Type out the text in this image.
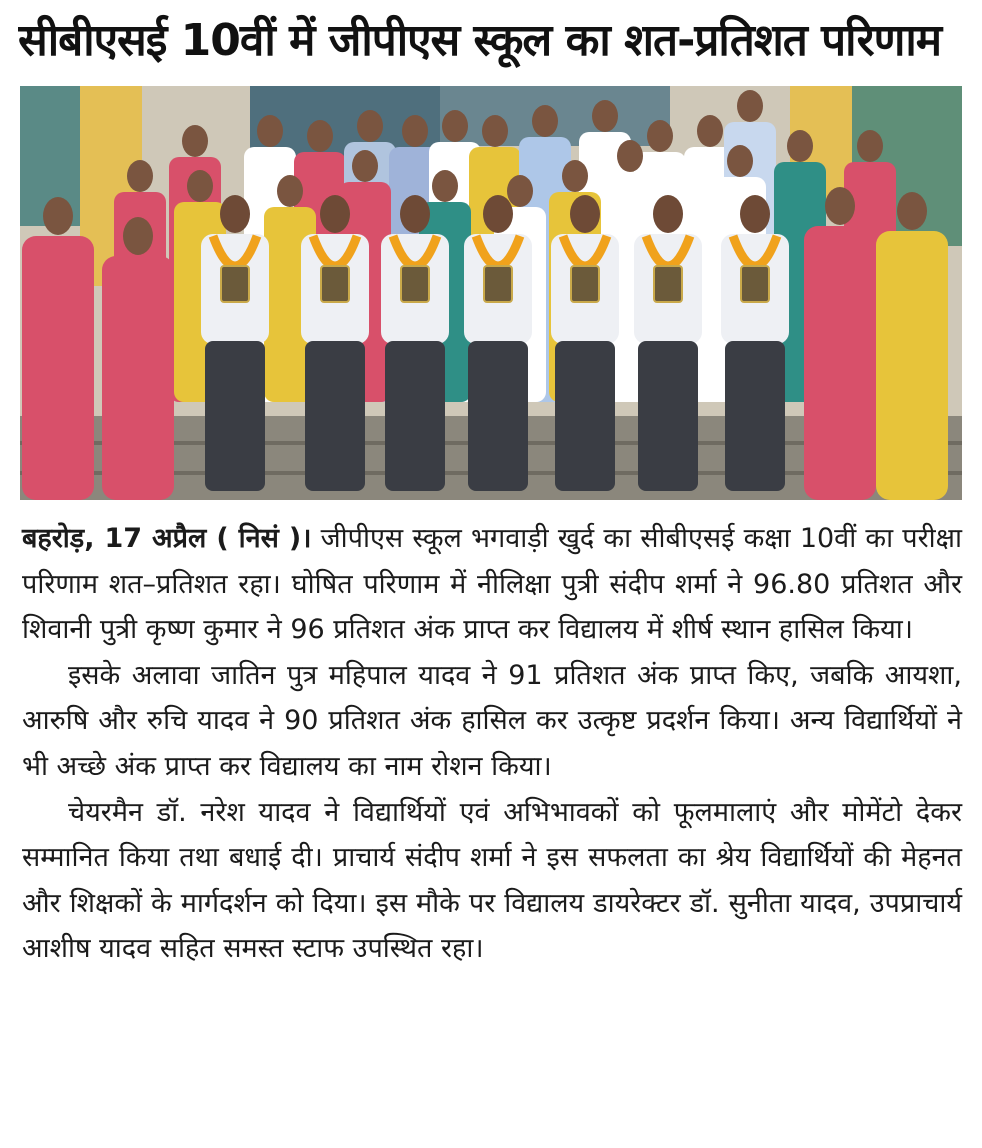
सीबीएसई 10वीं में जीपीएस स्कूल का शत-प्रतिशत परिणाम

बहरोड़, 17 अप्रैल ( निसं )। जीपीएस स्कूल भगवाड़ी खुर्द का सीबीएसई कक्षा 10वीं का परीक्षा परिणाम शत–प्रतिशत रहा। घोषित परिणाम में नीलिक्षा पुत्री संदीप शर्मा ने 96.80 प्रतिशत और शिवानी पुत्री कृष्ण कुमार ने 96 प्रतिशत अंक प्राप्त कर विद्यालय में शीर्ष स्थान हासिल किया।

इसके अलावा जातिन पुत्र महिपाल यादव ने 91 प्रतिशत अंक प्राप्त किए, जबकि आयशा, आरुषि और रुचि यादव ने 90 प्रतिशत अंक हासिल कर उत्कृष्ट प्रदर्शन किया। अन्य विद्यार्थियों ने भी अच्छे अंक प्राप्त कर विद्यालय का नाम रोशन किया।

चेयरमैन डॉ. नरेश यादव ने विद्यार्थियों एवं अभिभावकों को फूलमालाएं और मोमेंटो देकर सम्मानित किया तथा बधाई दी। प्राचार्य संदीप शर्मा ने इस सफलता का श्रेय विद्यार्थियों की मेहनत और शिक्षकों के मार्गदर्शन को दिया। इस मौके पर विद्यालय डायरेक्टर डॉ. सुनीता यादव, उपप्राचार्य आशीष यादव सहित समस्त स्टाफ उपस्थित रहा।
